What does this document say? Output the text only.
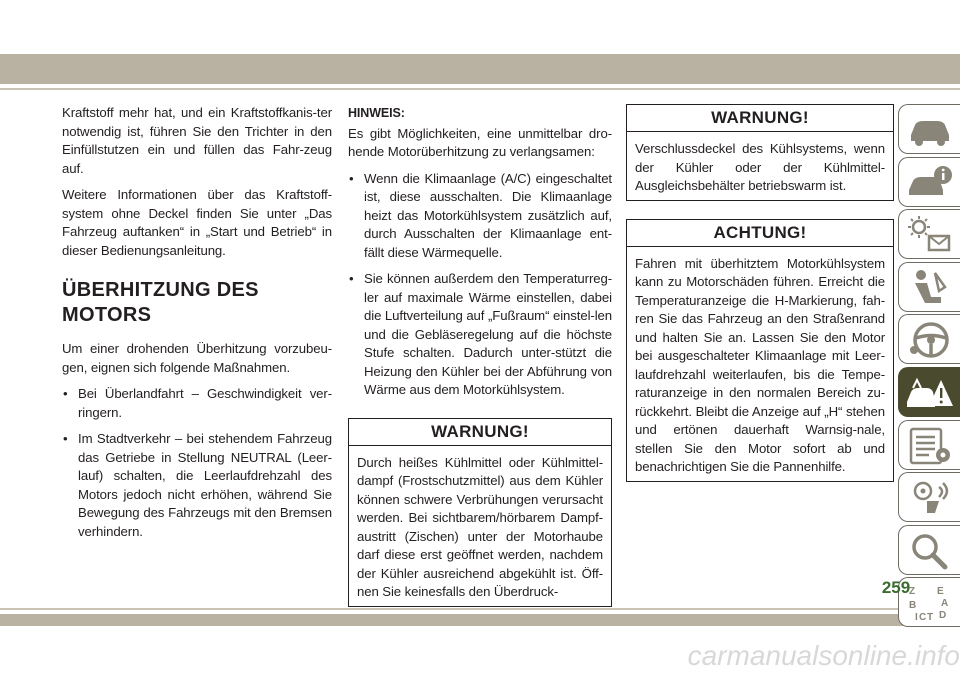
Kraftstoff mehr hat, und ein Kraftstoffkanis-ter notwendig ist, führen Sie den Trichter in den Einfüllstutzen ein und füllen das Fahr-zeug auf.

Weitere Informationen über das Kraftstoff-system ohne Deckel finden Sie unter „Das Fahrzeug auftanken“ in „Start und Betrieb“ in dieser Bedienungsanleitung.

ÜBERHITZUNG DES
MOTORS

Um einer drohenden Überhitzung vorzubeu-gen, eignen sich folgende Maßnahmen.

• Bei Überlandfahrt – Geschwindigkeit ver-ringern.
• Im Stadtverkehr – bei stehendem Fahrzeug das Getriebe in Stellung NEUTRAL (Leer-lauf) schalten, die Leerlaufdrehzahl des Motors jedoch nicht erhöhen, während Sie Bewegung des Fahrzeugs mit den Bremsen verhindern.
HINWEIS:

Es gibt Möglichkeiten, eine unmittelbar dro-hende Motorüberhitzung zu verlangsamen:

• Wenn die Klimaanlage (A/C) eingeschaltet ist, diese ausschalten. Die Klimaanlage heizt das Motorkühlsystem zusätzlich auf, durch Ausschalten der Klimaanlage ent-fällt diese Wärmequelle.
• Sie können außerdem den Temperaturreg-ler auf maximale Wärme einstellen, dabei die Luftverteilung auf „Fußraum“ einstel-len und die Gebläseregelung auf die höchste Stufe schalten. Dadurch unter-stützt die Heizung den Kühler bei der Abführung von Wärme aus dem Motorkühlsystem.
WARNUNG!
Durch heißes Kühlmittel oder Kühlmittel-dampf (Frostschutzmittel) aus dem Kühler können schwere Verbrühungen verursacht werden. Bei sichtbarem/hörbarem Dampf-austritt (Zischen) unter der Motorhaube darf diese erst geöffnet werden, nachdem der Kühler ausreichend abgekühlt ist. Öff-nen Sie keinesfalls den Überdruck-
WARNUNG!
Verschlussdeckel des Kühlsystems, wenn der Kühler oder der Kühlmittel-Ausgleichsbehälter betriebswarm ist.
ACHTUNG!
Fahren mit überhitztem Motorkühlsystem kann zu Motorschäden führen. Erreicht die Temperaturanzeige die H-Markierung, fah-ren Sie das Fahrzeug an den Straßenrand und halten Sie an. Lassen Sie den Motor bei ausgeschalteter Klimaanlage mit Leer-laufdrehzahl weiterlaufen, bis die Tempe-raturanzeige in den normalen Bereich zu-rückkehrt. Bleibt die Anzeige auf „H“ stehen und ertönen dauerhaft Warnsig-nale, stellen Sie den Motor sofort ab und benachrichtigen Sie die Pannenhilfe.
Z E
B A
C D
I T
259
carmanualsonline.info
